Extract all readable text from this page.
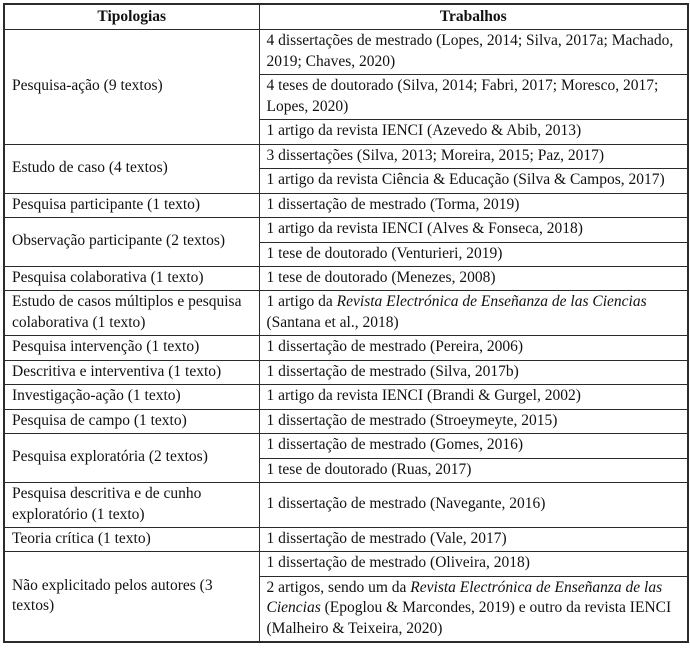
Tipologias	Trabalhos
Pesquisa-ação (9 textos)	4 dissertações de mestrado (Lopes, 2014; Silva, 2017a; Machado, 2019; Chaves, 2020)
	4 teses de doutorado (Silva, 2014; Fabri, 2017; Moresco, 2017; Lopes, 2020)
	1 artigo da revista IENCI (Azevedo & Abib, 2013)
Estudo de caso (4 textos)	3 dissertações (Silva, 2013; Moreira, 2015; Paz, 2017)
	1 artigo da revista Ciência & Educação (Silva & Campos, 2017)
Pesquisa participante (1 texto)	1 dissertação de mestrado (Torma, 2019)
Observação participante (2 textos)	1 artigo da revista IENCI (Alves & Fonseca, 2018)
	1 tese de doutorado (Venturieri, 2019)
Pesquisa colaborativa (1 texto)	1 tese de doutorado (Menezes, 2008)
Estudo de casos múltiplos e pesquisa colaborativa (1 texto)	1 artigo da Revista Electrónica de Enseñanza de las Ciencias (Santana et al., 2018)
Pesquisa intervenção (1 texto)	1 dissertação de mestrado (Pereira, 2006)
Descritiva e interventiva (1 texto)	1 dissertação de mestrado (Silva, 2017b)
Investigação-ação (1 texto)	1 artigo da revista IENCI (Brandi & Gurgel, 2002)
Pesquisa de campo (1 texto)	1 dissertação de mestrado (Stroeymeyte, 2015)
Pesquisa exploratória (2 textos)	1 dissertação de mestrado (Gomes, 2016)
	1 tese de doutorado (Ruas, 2017)
Pesquisa descritiva e de cunho exploratório (1 texto)	1 dissertação de mestrado (Navegante, 2016)
Teoria crítica (1 texto)	1 dissertação de mestrado (Vale, 2017)
Não explicitado pelos autores (3 textos)	1 dissertação de mestrado (Oliveira, 2018)
	2 artigos, sendo um da Revista Electrónica de Enseñanza de las Ciencias (Epoglou & Marcondes, 2019) e outro da revista IENCI (Malheiro & Teixeira, 2020)
